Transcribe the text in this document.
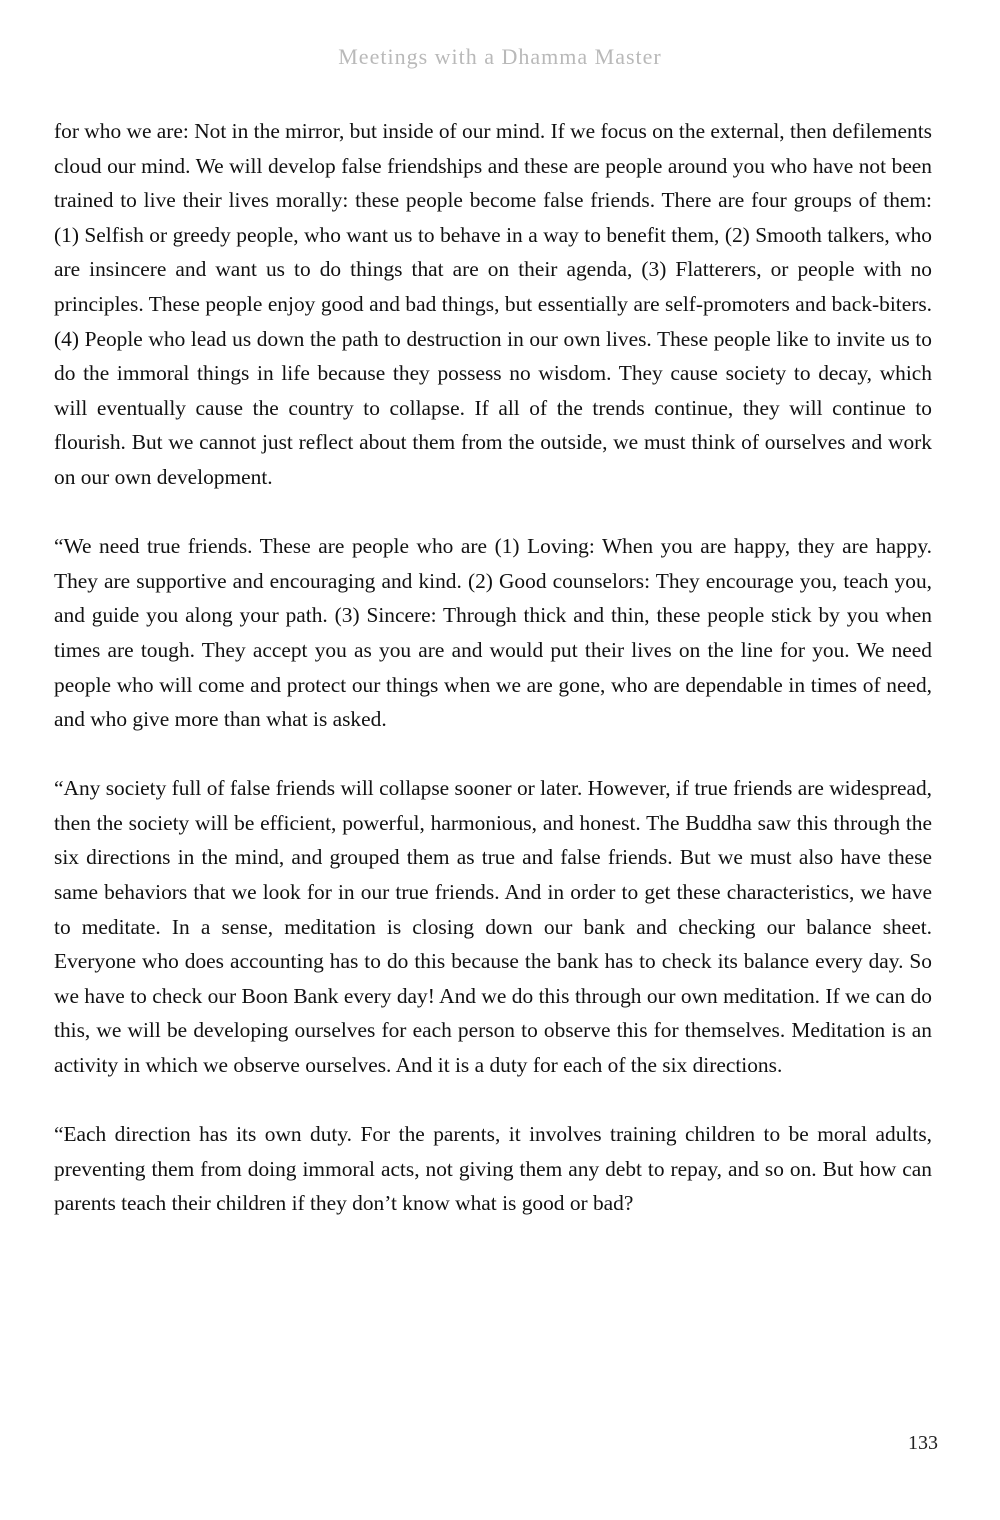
Meetings with a Dhamma Master

for who we are: Not in the mirror, but inside of our mind. If we focus on the external, then defilements cloud our mind. We will develop false friendships and these are people around you who have not been trained to live their lives morally: these people become false friends. There are four groups of them: (1) Selfish or greedy people, who want us to behave in a way to benefit them, (2) Smooth talkers, who are insincere and want us to do things that are on their agenda, (3) Flatterers, or people with no principles. These people enjoy good and bad things, but essentially are self-promoters and back-biters. (4) People who lead us down the path to destruction in our own lives. These people like to invite us to do the immoral things in life because they possess no wisdom. They cause society to decay, which will eventually cause the country to collapse. If all of the trends continue, they will continue to flourish. But we cannot just reflect about them from the outside, we must think of ourselves and work on our own development.

“We need true friends. These are people who are (1) Loving: When you are happy, they are happy. They are supportive and encouraging and kind. (2) Good counselors: They encourage you, teach you, and guide you along your path. (3) Sincere: Through thick and thin, these people stick by you when times are tough. They accept you as you are and would put their lives on the line for you. We need people who will come and protect our things when we are gone, who are dependable in times of need, and who give more than what is asked.

“Any society full of false friends will collapse sooner or later. However, if true friends are widespread, then the society will be efficient, powerful, harmonious, and honest. The Buddha saw this through the six directions in the mind, and grouped them as true and false friends. But we must also have these same behaviors that we look for in our true friends. And in order to get these characteristics, we have to meditate. In a sense, meditation is closing down our bank and checking our balance sheet. Everyone who does accounting has to do this because the bank has to check its balance every day. So we have to check our Boon Bank every day! And we do this through our own meditation. If we can do this, we will be developing ourselves for each person to observe this for themselves. Meditation is an activity in which we observe ourselves. And it is a duty for each of the six directions.

“Each direction has its own duty. For the parents, it involves training children to be moral adults, preventing them from doing immoral acts, not giving them any debt to repay, and so on. But how can parents teach their children if they don’t know what is good or bad?

133
